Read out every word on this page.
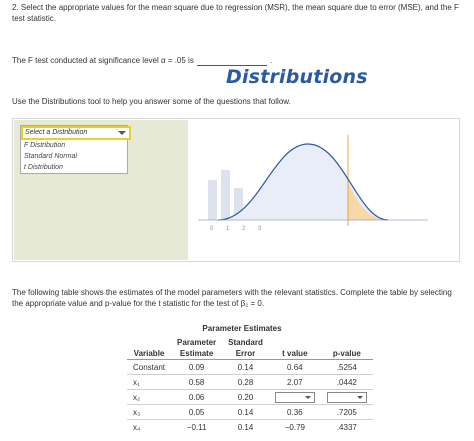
2. Select the appropriate values for the mean square due to regression (MSR), the mean square due to error (MSE), and the F test statistic.
The F test conducted at significance level α = .05 is	.
Use the Distributions tool to help you answer some of the questions that follow.
Select a Distribution
F Distribution
Standard Normal
t Distribution
0 1 2 3
Distributions
The following table shows the estimates of the model parameters with the relevant statistics. Complete the table by selecting the appropriate value and p-value for the t statistic for the test of β₂ = 0.
Parameter Estimates
	Parameter	Standard		
Variable	Estimate	Error	t value	p-value
Constant	0.09	0.14	0.64	.5254
x₁	0.58	0.28	2.07	.0442
x₂	0.06	0.20		
x₃	0.05	0.14	0.36	.7205
x₄	−0.11	0.14	−0.79	.4337
